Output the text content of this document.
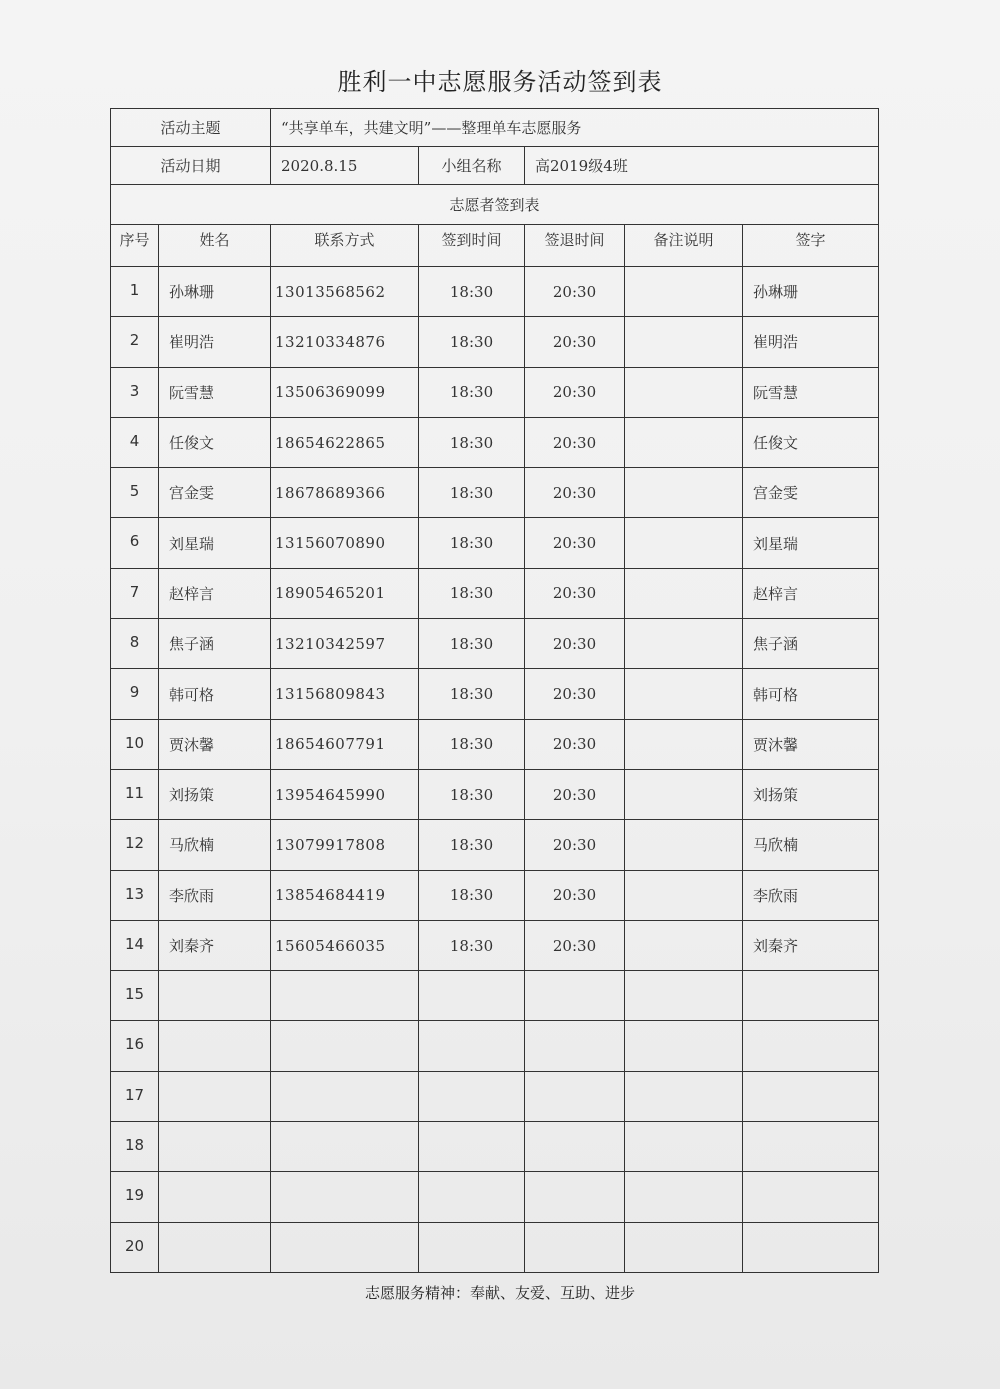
胜利一中志愿服务活动签到表
活动主题		“共享单车，共建文明”——整理单车志愿服务				
活动日期		2020.8.15	小组名称	高2019级4班		
志愿者签到表						
序号	姓名	联系方式	签到时间	签退时间	备注说明	签字
1	孙琳珊	13013568562	18:30	20:30		孙琳珊
2	崔明浩	13210334876	18:30	20:30		崔明浩
3	阮雪慧	13506369099	18:30	20:30		阮雪慧
4	任俊文	18654622865	18:30	20:30		任俊文
5	宫金雯	18678689366	18:30	20:30		宫金雯
6	刘星瑞	13156070890	18:30	20:30		刘星瑞
7	赵梓言	18905465201	18:30	20:30		赵梓言
8	焦子涵	13210342597	18:30	20:30		焦子涵
9	韩可格	13156809843	18:30	20:30		韩可格
10	贾沐馨	18654607791	18:30	20:30		贾沐馨
11	刘扬策	13954645990	18:30	20:30		刘扬策
12	马欣楠	13079917808	18:30	20:30		马欣楠
13	李欣雨	13854684419	18:30	20:30		李欣雨
14	刘秦齐	15605466035	18:30	20:30		刘秦齐
15						
16						
17						
18						
19						
20						
志愿服务精神：奉献、友爱、互助、进步
